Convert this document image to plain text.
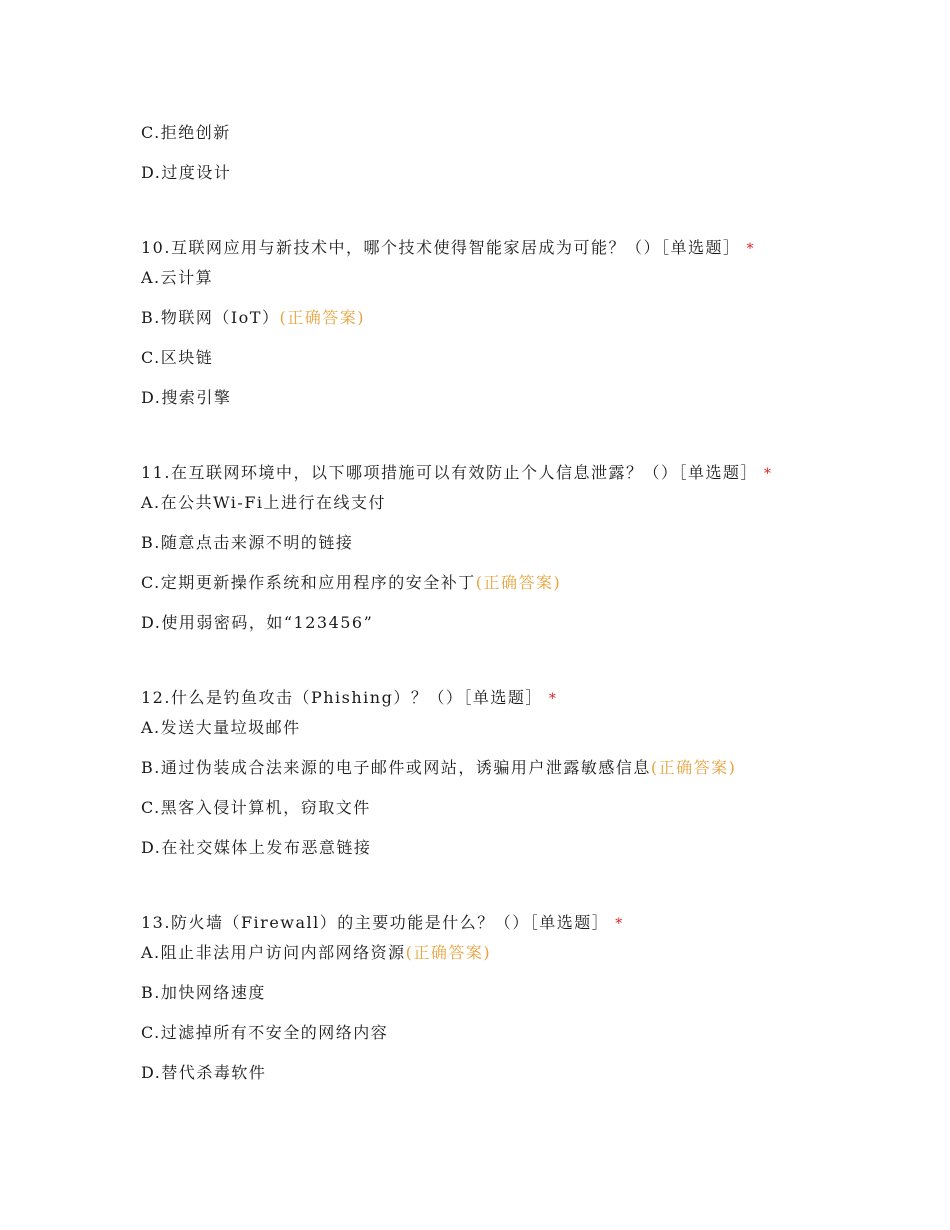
C.拒绝创新
D.过度设计
10.互联网应用与新技术中，哪个技术使得智能家居成为可能？（）［单选题］ *
A.云计算
B.物联网（IoT）(正确答案)
C.区块链
D.搜索引擎
11.在互联网环境中，以下哪项措施可以有效防止个人信息泄露？（）［单选题］ *
A.在公共Wi-Fi上进行在线支付
B.随意点击来源不明的链接
C.定期更新操作系统和应用程序的安全补丁(正确答案)
D.使用弱密码，如“123456”
12.什么是钓鱼攻击（Phishing）？（）［单选题］ *
A.发送大量垃圾邮件
B.通过伪装成合法来源的电子邮件或网站，诱骗用户泄露敏感信息(正确答案)
C.黑客入侵计算机，窃取文件
D.在社交媒体上发布恶意链接
13.防火墙（Firewall）的主要功能是什么？（）［单选题］ *
A.阻止非法用户访问内部网络资源(正确答案)
B.加快网络速度
C.过滤掉所有不安全的网络内容
D.替代杀毒软件
